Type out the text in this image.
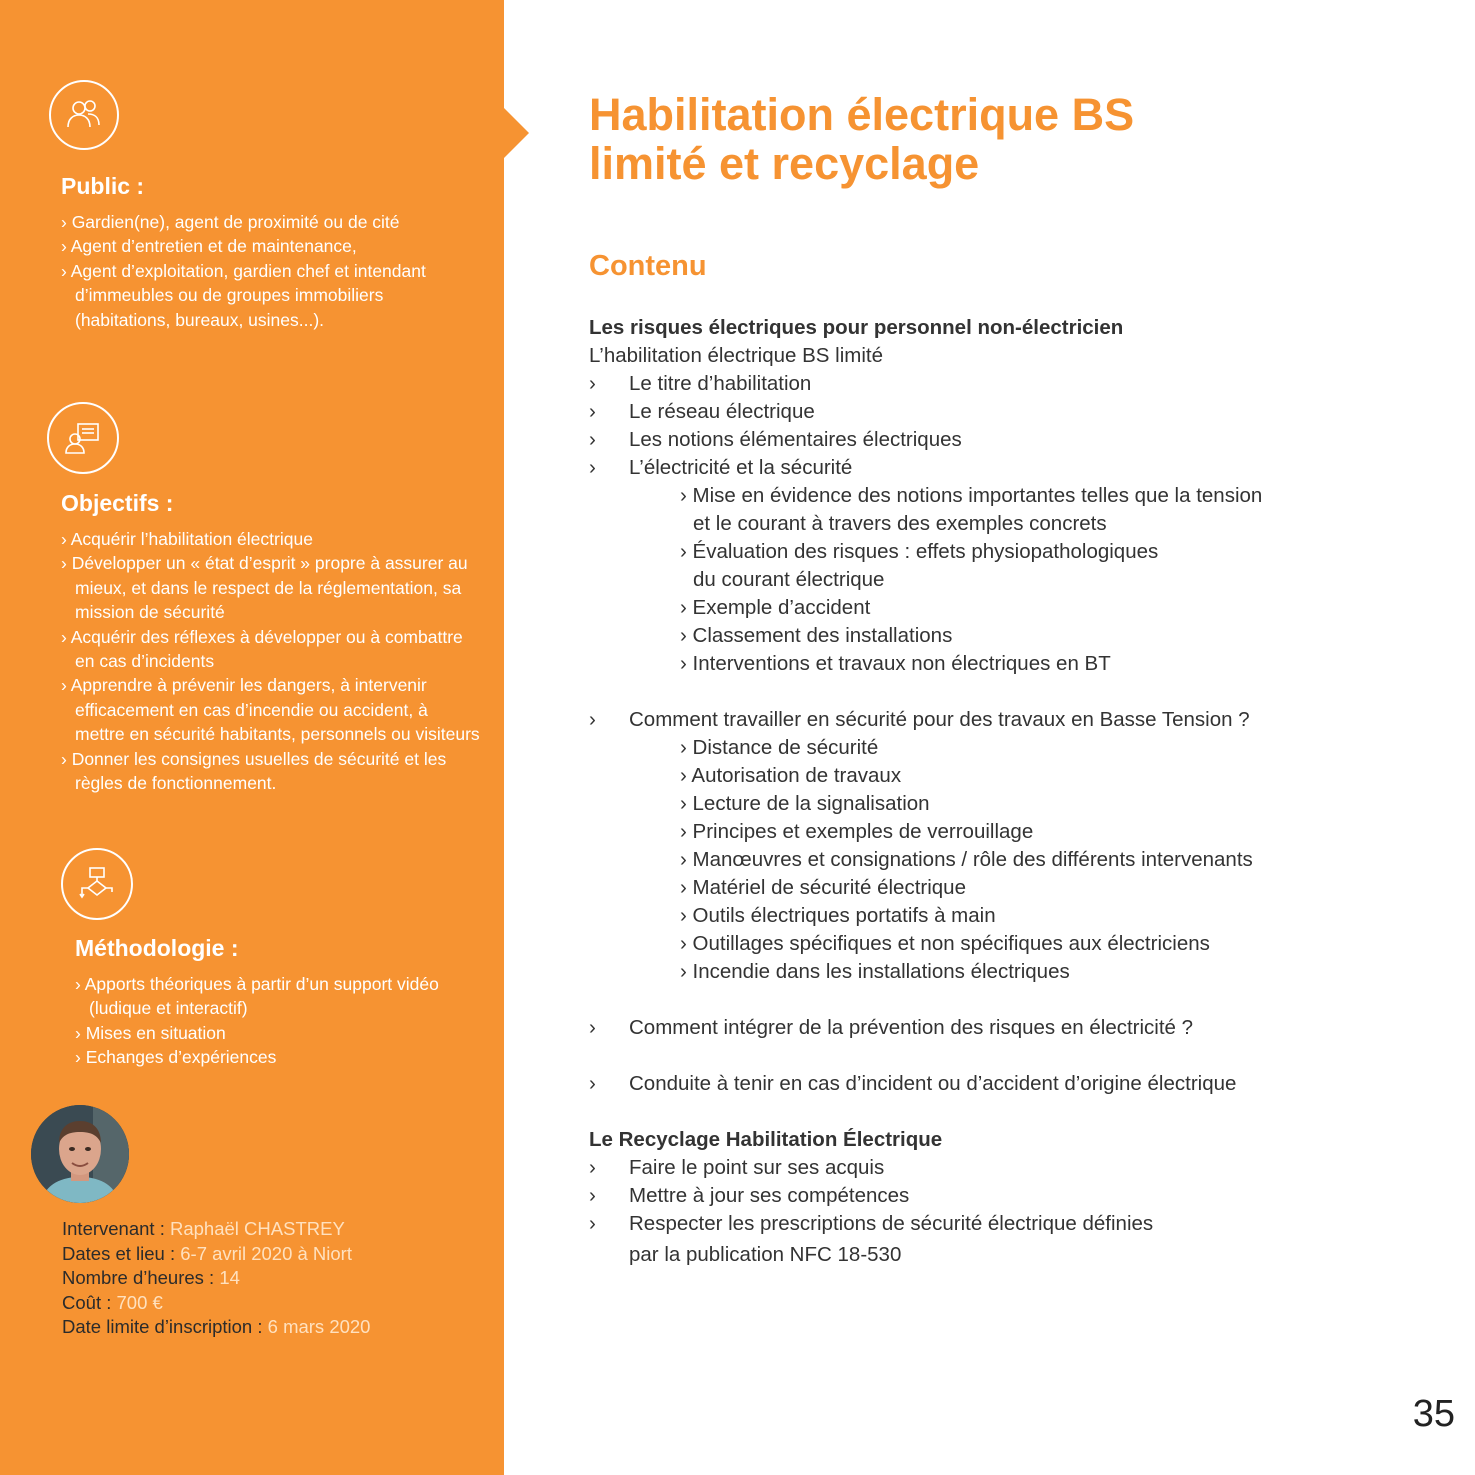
Public :
› Gardien(ne), agent de proximité ou de cité
› Agent d’entretien et de maintenance,
› Agent d’exploitation, gardien chef et intendant d’immeubles ou de groupes immobiliers (habitations, bureaux, usines...).
Objectifs :
› Acquérir l’habilitation électrique
› Développer un « état d’esprit » propre à assurer au mieux, et dans le respect de la réglementation, sa mission de sécurité
› Acquérir des réflexes à développer ou à combattre en cas d’incidents
› Apprendre à prévenir les dangers, à intervenir efficacement en cas d’incendie ou accident, à mettre en sécurité habitants, personnels ou visiteurs
› Donner les consignes usuelles de sécurité et les règles de fonctionnement.
Méthodologie :
› Apports théoriques à partir d’un support vidéo (ludique et interactif)
› Mises en situation
› Echanges d’expériences
Intervenant : Raphaël CHASTREY
Dates et lieu : 6-7 avril 2020 à Niort
Nombre d’heures : 14
Coût : 700 €
Date limite d’inscription : 6 mars 2020
Habilitation électrique BS
limité et recyclage
Contenu
Les risques électriques pour personnel non-électricien
L’habilitation électrique BS limité
› Le titre d’habilitation
› Le réseau électrique
› Les notions élémentaires électriques
› L’électricité et la sécurité
› Mise en évidence des notions importantes telles que la tension
et le courant à travers des exemples concrets
› Évaluation des risques : effets physiopathologiques
du courant électrique
› Exemple d’accident
› Classement des installations
› Interventions et travaux non électriques en BT
› Comment travailler en sécurité pour des travaux en Basse Tension ?
› Distance de sécurité
› Autorisation de travaux
› Lecture de la signalisation
› Principes et exemples de verrouillage
› Manœuvres et consignations / rôle des différents intervenants
› Matériel de sécurité électrique
› Outils électriques portatifs à main
› Outillages spécifiques et non spécifiques aux électriciens
› Incendie dans les installations électriques
› Comment intégrer de la prévention des risques en électricité ?
› Conduite à tenir en cas d’incident ou d’accident d’origine électrique
Le Recyclage Habilitation Électrique
› Faire le point sur ses acquis
› Mettre à jour ses compétences
› Respecter les prescriptions de sécurité électrique définies
par la publication NFC 18-530
35
